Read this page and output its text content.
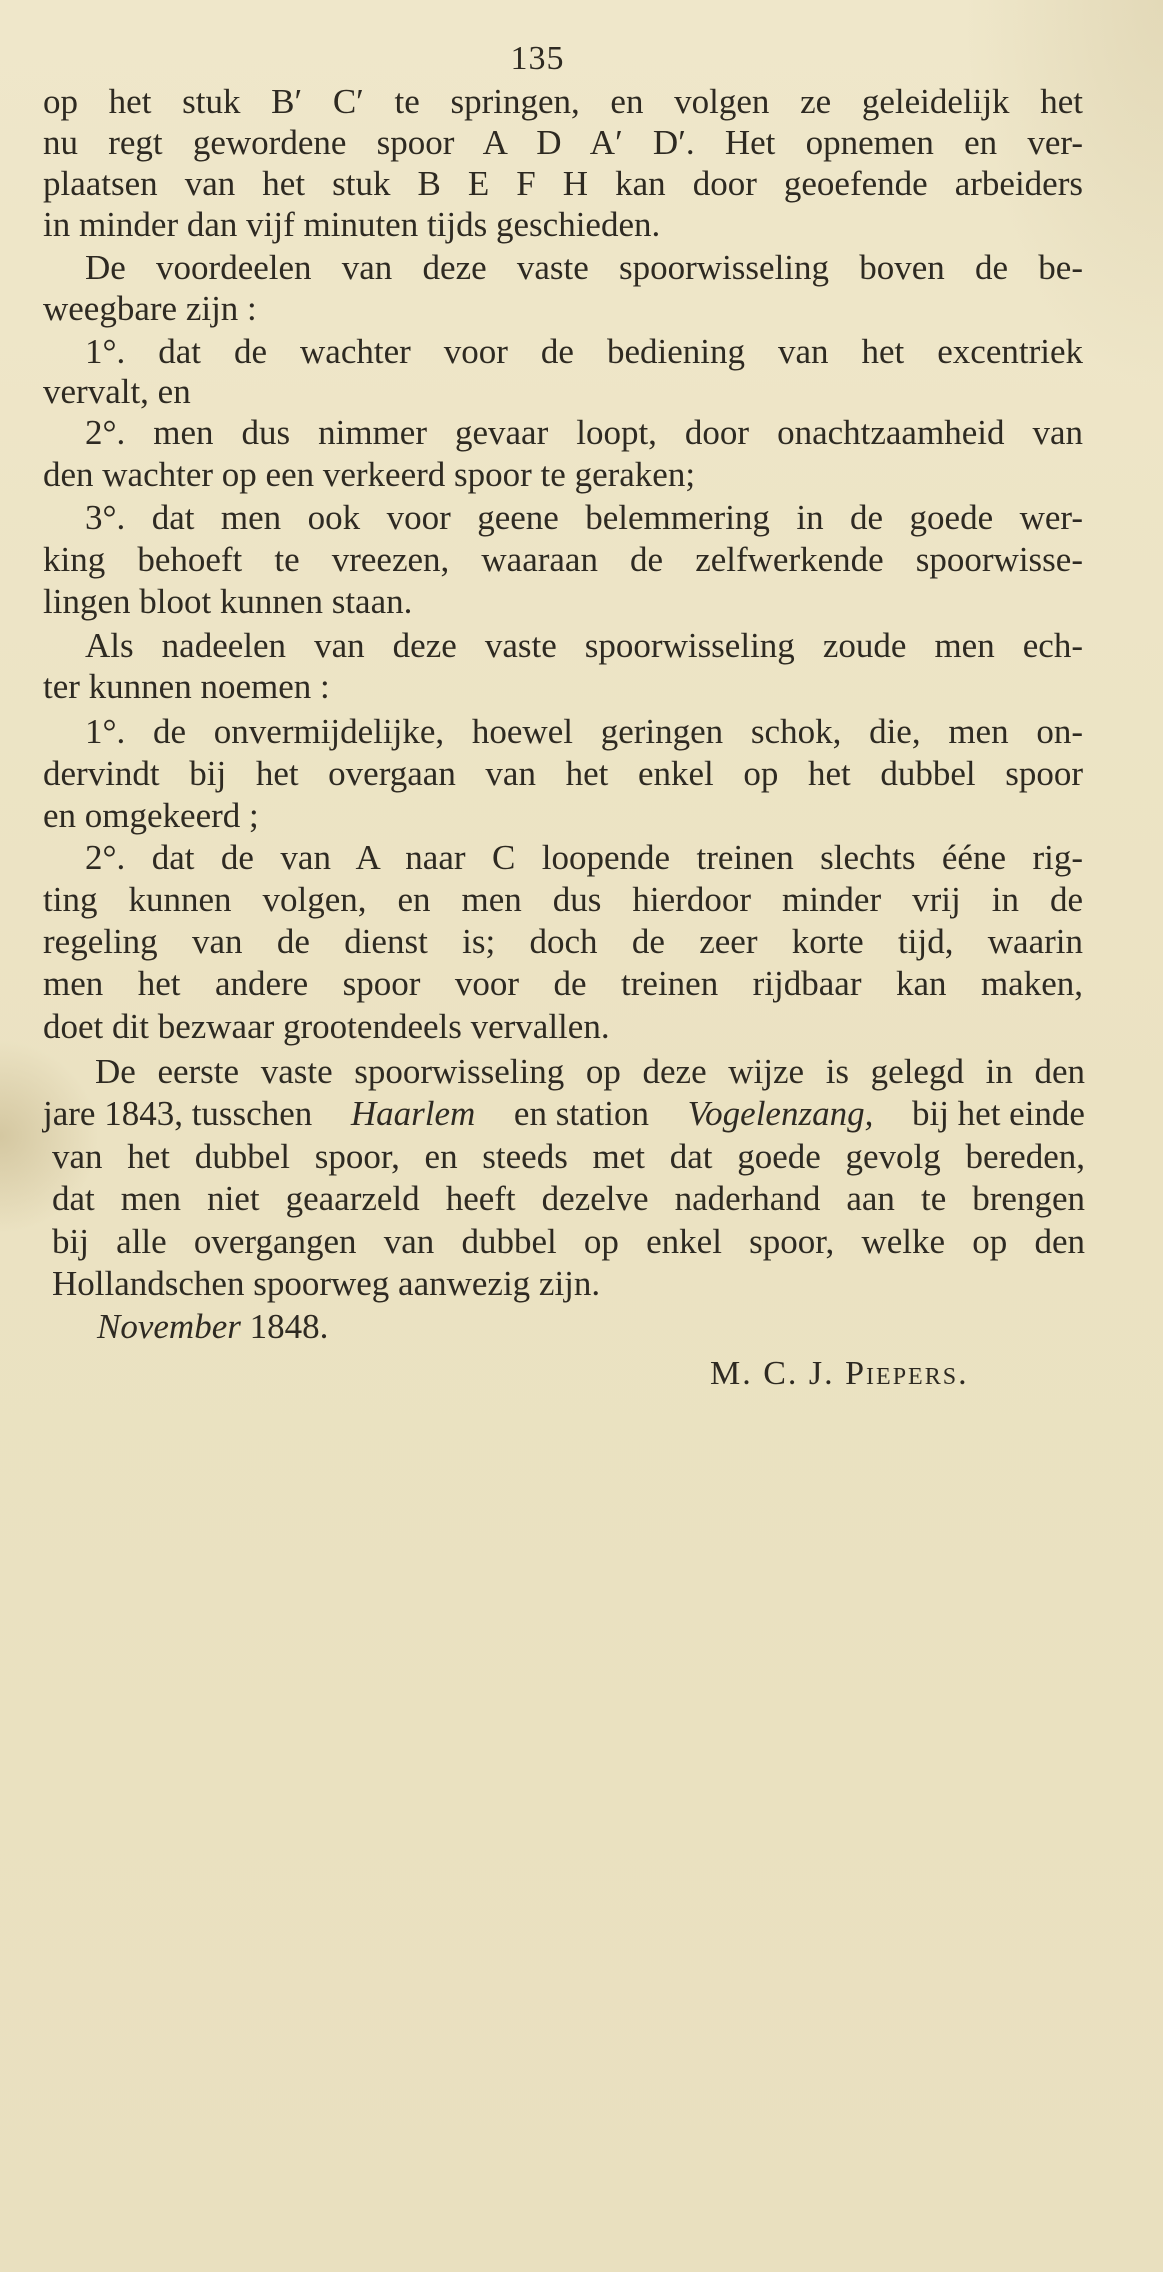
135
op het stuk B′ C′ te springen, en volgen ze geleidelijk het
nu regt gewordene spoor A D A′ D′. Het opnemen en ver-
plaatsen van het stuk B E F H kan door geoefende arbeiders
in minder dan vijf minuten tijds geschieden.
De voordeelen van deze vaste spoorwisseling boven de be-
weegbare zijn :
1°. dat de wachter voor de bediening van het excentriek
vervalt, en
2°. men dus nimmer gevaar loopt, door onachtzaamheid van
den wachter op een verkeerd spoor te geraken;
3°. dat men ook voor geene belemmering in de goede wer-
king behoeft te vreezen, waaraan de zelfwerkende spoorwisse-
lingen bloot kunnen staan.
Als nadeelen van deze vaste spoorwisseling zoude men ech-
ter kunnen noemen :
1°. de onvermijdelijke, hoewel geringen schok, die, men on-
dervindt bij het overgaan van het enkel op het dubbel spoor
en omgekeerd ;
2°. dat de van A naar C loopende treinen slechts ééne rig-
ting kunnen volgen, en men dus hierdoor minder vrij in de
regeling van de dienst is; doch de zeer korte tijd, waarin
men het andere spoor voor de treinen rijdbaar kan maken,
doet dit bezwaar grootendeels vervallen.
De eerste vaste spoorwisseling op deze wijze is gelegd in den
jare 1843, tusschen Haarlem en station Vogelenzang, bij het einde
van het dubbel spoor, en steeds met dat goede gevolg bereden,
dat men niet geaarzeld heeft dezelve naderhand aan te brengen
bij alle overgangen van dubbel op enkel spoor, welke op den
Hollandschen spoorweg aanwezig zijn.
November 1848.
M. C. J. Piepers.
